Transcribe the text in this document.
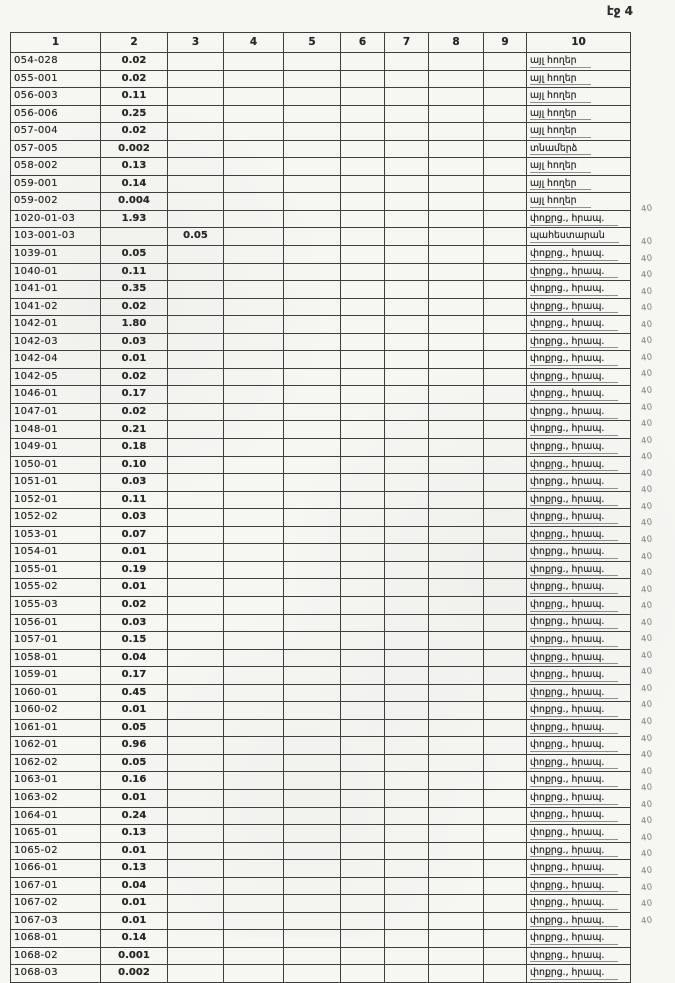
էջ 4
1	2	3	4	5	6	7	8	9	10
054-028	0.02								այլ հողեր
055-001	0.02								այլ հողեր
056-003	0.11								այլ հողեր
056-006	0.25								այլ հողեր
057-004	0.02								այլ հողեր
057-005	0.002								տնամերձ
058-002	0.13								այլ հողեր
059-001	0.14								այլ հողեր
059-002	0.004								այլ հողեր
1020-01-03	1.93								փոքրց., հրապ.
103-001-03		0.05							պահեստարան
1039-01	0.05								փոքրց., հրապ.
1040-01	0.11								փոքրց., հրապ.
1041-01	0.35								փոքրց., հրապ.
1041-02	0.02								փոքրց., հրապ.
1042-01	1.80								փոքրց., հրապ.
1042-03	0.03								փոքրց., հրապ.
1042-04	0.01								փոքրց., հրապ.
1042-05	0.02								փոքրց., հրապ.
1046-01	0.17								փոքրց., հրապ.
1047-01	0.02								փոքրց., հրապ.
1048-01	0.21								փոքրց., հրապ.
1049-01	0.18								փոքրց., հրապ.
1050-01	0.10								փոքրց., հրապ.
1051-01	0.03								փոքրց., հրապ.
1052-01	0.11								փոքրց., հրապ.
1052-02	0.03								փոքրց., հրապ.
1053-01	0.07								փոքրց., հրապ.
1054-01	0.01								փոքրց., հրապ.
1055-01	0.19								փոքրց., հրապ.
1055-02	0.01								փոքրց., հրապ.
1055-03	0.02								փոքրց., հրապ.
1056-01	0.03								փոքրց., հրապ.
1057-01	0.15								փոքրց., հրապ.
1058-01	0.04								փոքրց., հրապ.
1059-01	0.17								փոքրց., հրապ.
1060-01	0.45								փոքրց., հրապ.
1060-02	0.01								փոքրց., հրապ.
1061-01	0.05								փոքրց., հրապ.
1062-01	0.96								փոքրց., հրապ.
1062-02	0.05								փոքրց., հրապ.
1063-01	0.16								փոքրց., հրապ.
1063-02	0.01								փոքրց., հրապ.
1064-01	0.24								փոքրց., հրապ.
1065-01	0.13								փոքրց., հրապ.
1065-02	0.01								փոքրց., հրապ.
1066-01	0.13								փոքրց., հրապ.
1067-01	0.04								փոքրց., հրապ.
1067-02	0.01								փոքրց., հրապ.
1067-03	0.01								փոքրց., հրապ.
1068-01	0.14								փոքրց., հրապ.
1068-02	0.001								փոքրց., հրապ.
1068-03	0.002								փոքրց., հրապ.
40
40
40
40
40
40
40
40
40
40
40
40
40
40
40
40
40
40
40
40
40
40
40
40
40
40
40
40
40
40
40
40
40
40
40
40
40
40
40
40
40
40
40
